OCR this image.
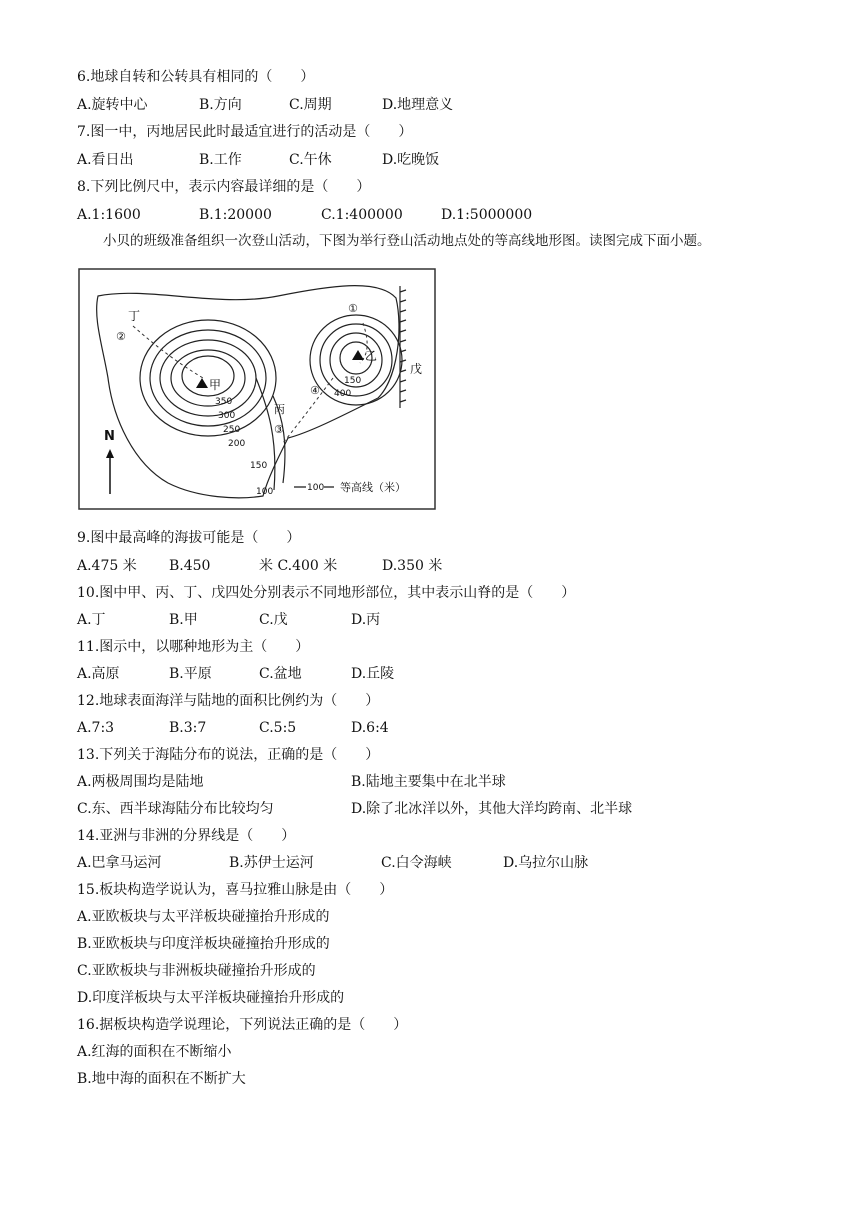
6.地球自转和公转具有相同的（　　）
A.旋转中心	B.方向	C.周期	D.地理意义
7.图一中，丙地居民此时最适宜进行的活动是（　　）
A.看日出	B.工作	C.午休	D.吃晚饭
8.下列比例尺中，表示内容最详细的是（　　）
A.1:1600	B.1:20000	C.1:400000	D.1:5000000
小贝的班级准备组织一次登山活动，下图为举行登山活动地点处的等高线地形图。读图完成下面小题。
甲
乙
丙
丁
戊
①
②
③
④
350
300
250
200
150
100
150
400
N
100 等高线（米）
9.图中最高峰的海拔可能是（　　）
A.475 米 B.450	米 C.400 米	D.350 米
10.图中甲、丙、丁、戊四处分别表示不同地形部位，其中表示山脊的是（　　）
A.丁	B.甲	C.戊	D.丙
11.图示中，以哪种地形为主（　　）
A.高原	B.平原	C.盆地	D.丘陵
12.地球表面海洋与陆地的面积比例约为（　　）
A.7:3	B.3:7	C.5:5	D.6:4
13.下列关于海陆分布的说法，正确的是（　　）
A.两极周围均是陆地	B.陆地主要集中在北半球
C.东、西半球海陆分布比较均匀	D.除了北冰洋以外，其他大洋均跨南、北半球
14.亚洲与非洲的分界线是（　　）
A.巴拿马运河	B.苏伊士运河	C.白令海峡	D.乌拉尔山脉
15.板块构造学说认为，喜马拉雅山脉是由（　　）
A.亚欧板块与太平洋板块碰撞抬升形成的
B.亚欧板块与印度洋板块碰撞抬升形成的
C.亚欧板块与非洲板块碰撞抬升形成的
D.印度洋板块与太平洋板块碰撞抬升形成的
16.据板块构造学说理论，下列说法正确的是（　　）
A.红海的面积在不断缩小
B.地中海的面积在不断扩大
